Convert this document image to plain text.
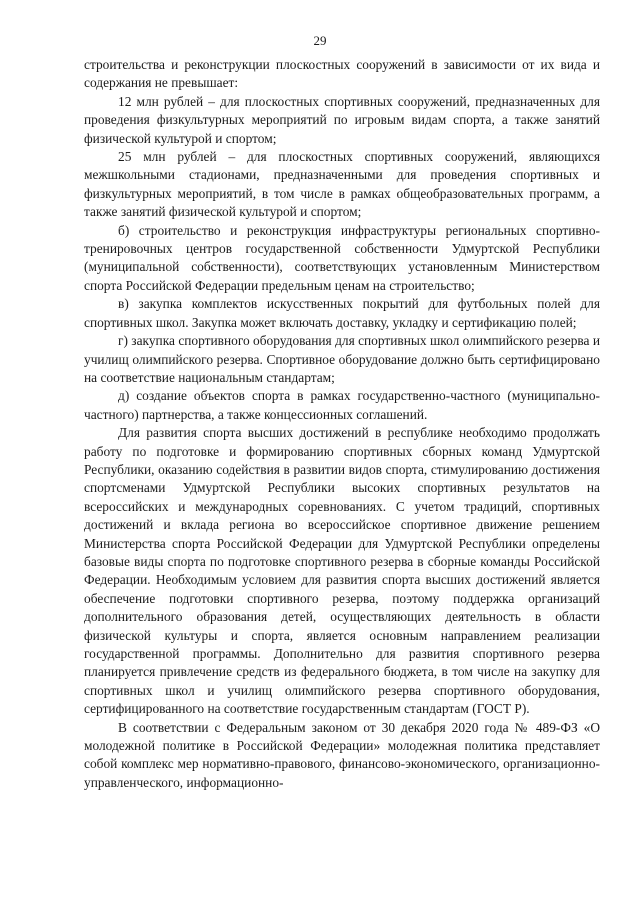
29

строительства и реконструкции плоскостных сооружений в зависимости от их вида и содержания не превышает:

12 млн рублей – для плоскостных спортивных сооружений, предназначенных для проведения физкультурных мероприятий по игровым видам спорта, а также занятий физической культурой и спортом;

25 млн рублей – для плоскостных спортивных сооружений, являющихся межшкольными стадионами, предназначенными для проведения спортивных и физкультурных мероприятий, в том числе в рамках общеобразовательных программ, а также занятий физической культурой и спортом;

б) строительство и реконструкция инфраструктуры региональных спортивно-тренировочных центров государственной собственности Удмуртской Республики (муниципальной собственности), соответствующих установленным Министерством спорта Российской Федерации предельным ценам на строительство;

в) закупка комплектов искусственных покрытий для футбольных полей для спортивных школ. Закупка может включать доставку, укладку и сертификацию полей;

г) закупка спортивного оборудования для спортивных школ олимпийского резерва и училищ олимпийского резерва. Спортивное оборудование должно быть сертифицировано на соответствие национальным стандартам;

д) создание объектов спорта в рамках государственно-частного (муниципально-частного) партнерства, а также концессионных соглашений.

Для развития спорта высших достижений в республике необходимо продолжать работу по подготовке и формированию спортивных сборных команд Удмуртской Республики, оказанию содействия в развитии видов спорта, стимулированию достижения спортсменами Удмуртской Республики высоких спортивных результатов на всероссийских и международных соревнованиях. С учетом традиций, спортивных достижений и вклада региона во всероссийское спортивное движение решением Министерства спорта Российской Федерации для Удмуртской Республики определены базовые виды спорта по подготовке спортивного резерва в сборные команды Российской Федерации. Необходимым условием для развития спорта высших достижений является обеспечение подготовки спортивного резерва, поэтому поддержка организаций дополнительного образования детей, осуществляющих деятельность в области физической культуры и спорта, является основным направлением реализации государственной программы. Дополнительно для развития спортивного резерва планируется привлечение средств из федерального бюджета, в том числе на закупку для спортивных школ и училищ олимпийского резерва спортивного оборудования, сертифицированного на соответствие государственным стандартам (ГОСТ Р).

В соответствии с Федеральным законом от 30 декабря 2020 года № 489-ФЗ «О молодежной политике в Российской Федерации» молодежная политика представляет собой комплекс мер нормативно-правового, финансово-экономического, организационно-управленческого, информационно-
